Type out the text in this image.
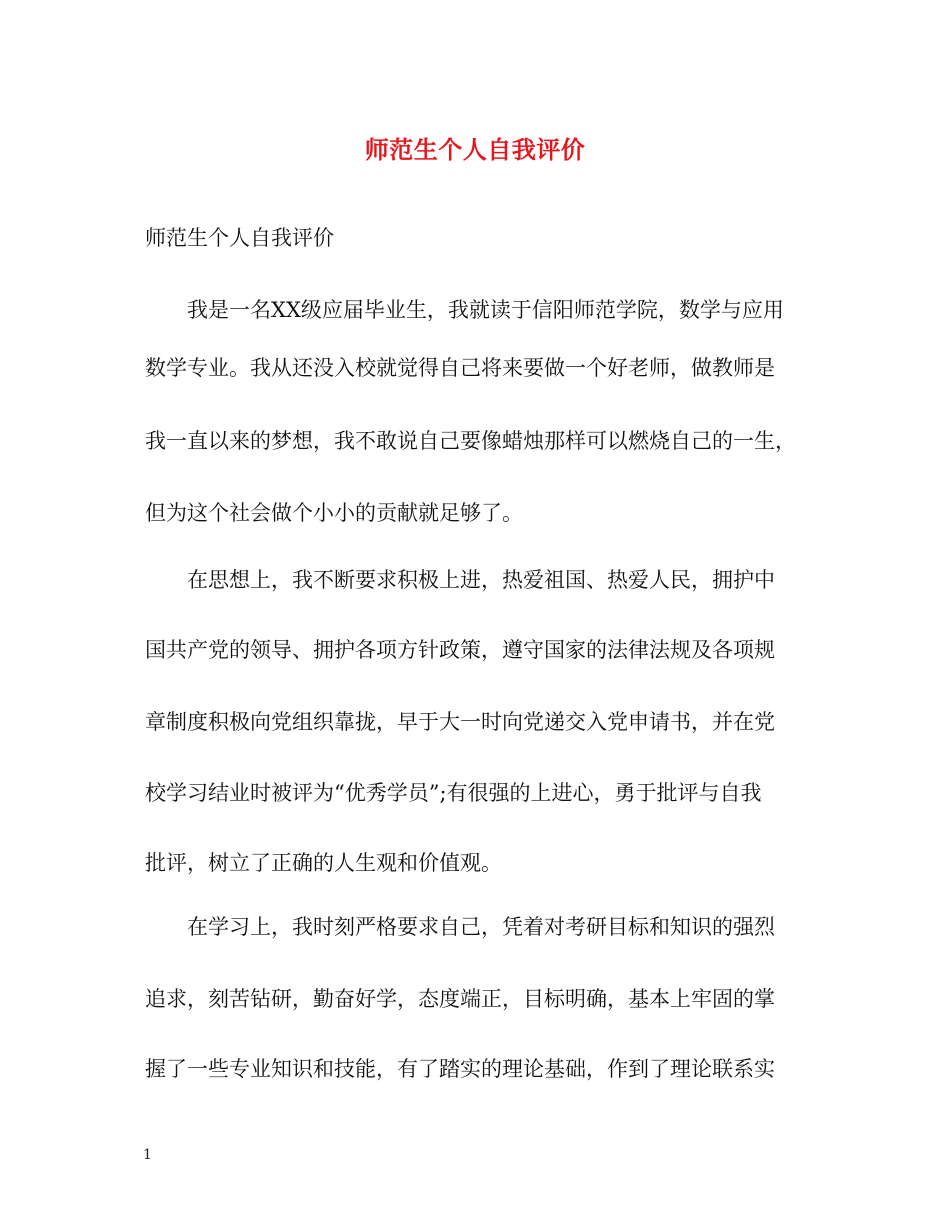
师范生个人自我评价
师范生个人自我评价
我是一名XX级应届毕业生，我就读于信阳师范学院，数学与应用
数学专业。我从还没入校就觉得自己将来要做一个好老师，做教师是
我一直以来的梦想，我不敢说自己要像蜡烛那样可以燃烧自己的一生，
但为这个社会做个小小的贡献就足够了。
在思想上，我不断要求积极上进，热爱祖国、热爱人民，拥护中
国共产党的领导、拥护各项方针政策，遵守国家的法律法规及各项规
章制度积极向党组织靠拢，早于大一时向党递交入党申请书，并在党
校学习结业时被评为“优秀学员”;有很强的上进心，勇于批评与自我
批评，树立了正确的人生观和价值观。
在学习上，我时刻严格要求自己，凭着对考研目标和知识的强烈
追求，刻苦钻研，勤奋好学，态度端正，目标明确，基本上牢固的掌
握了一些专业知识和技能，有了踏实的理论基础，作到了理论联系实
1
